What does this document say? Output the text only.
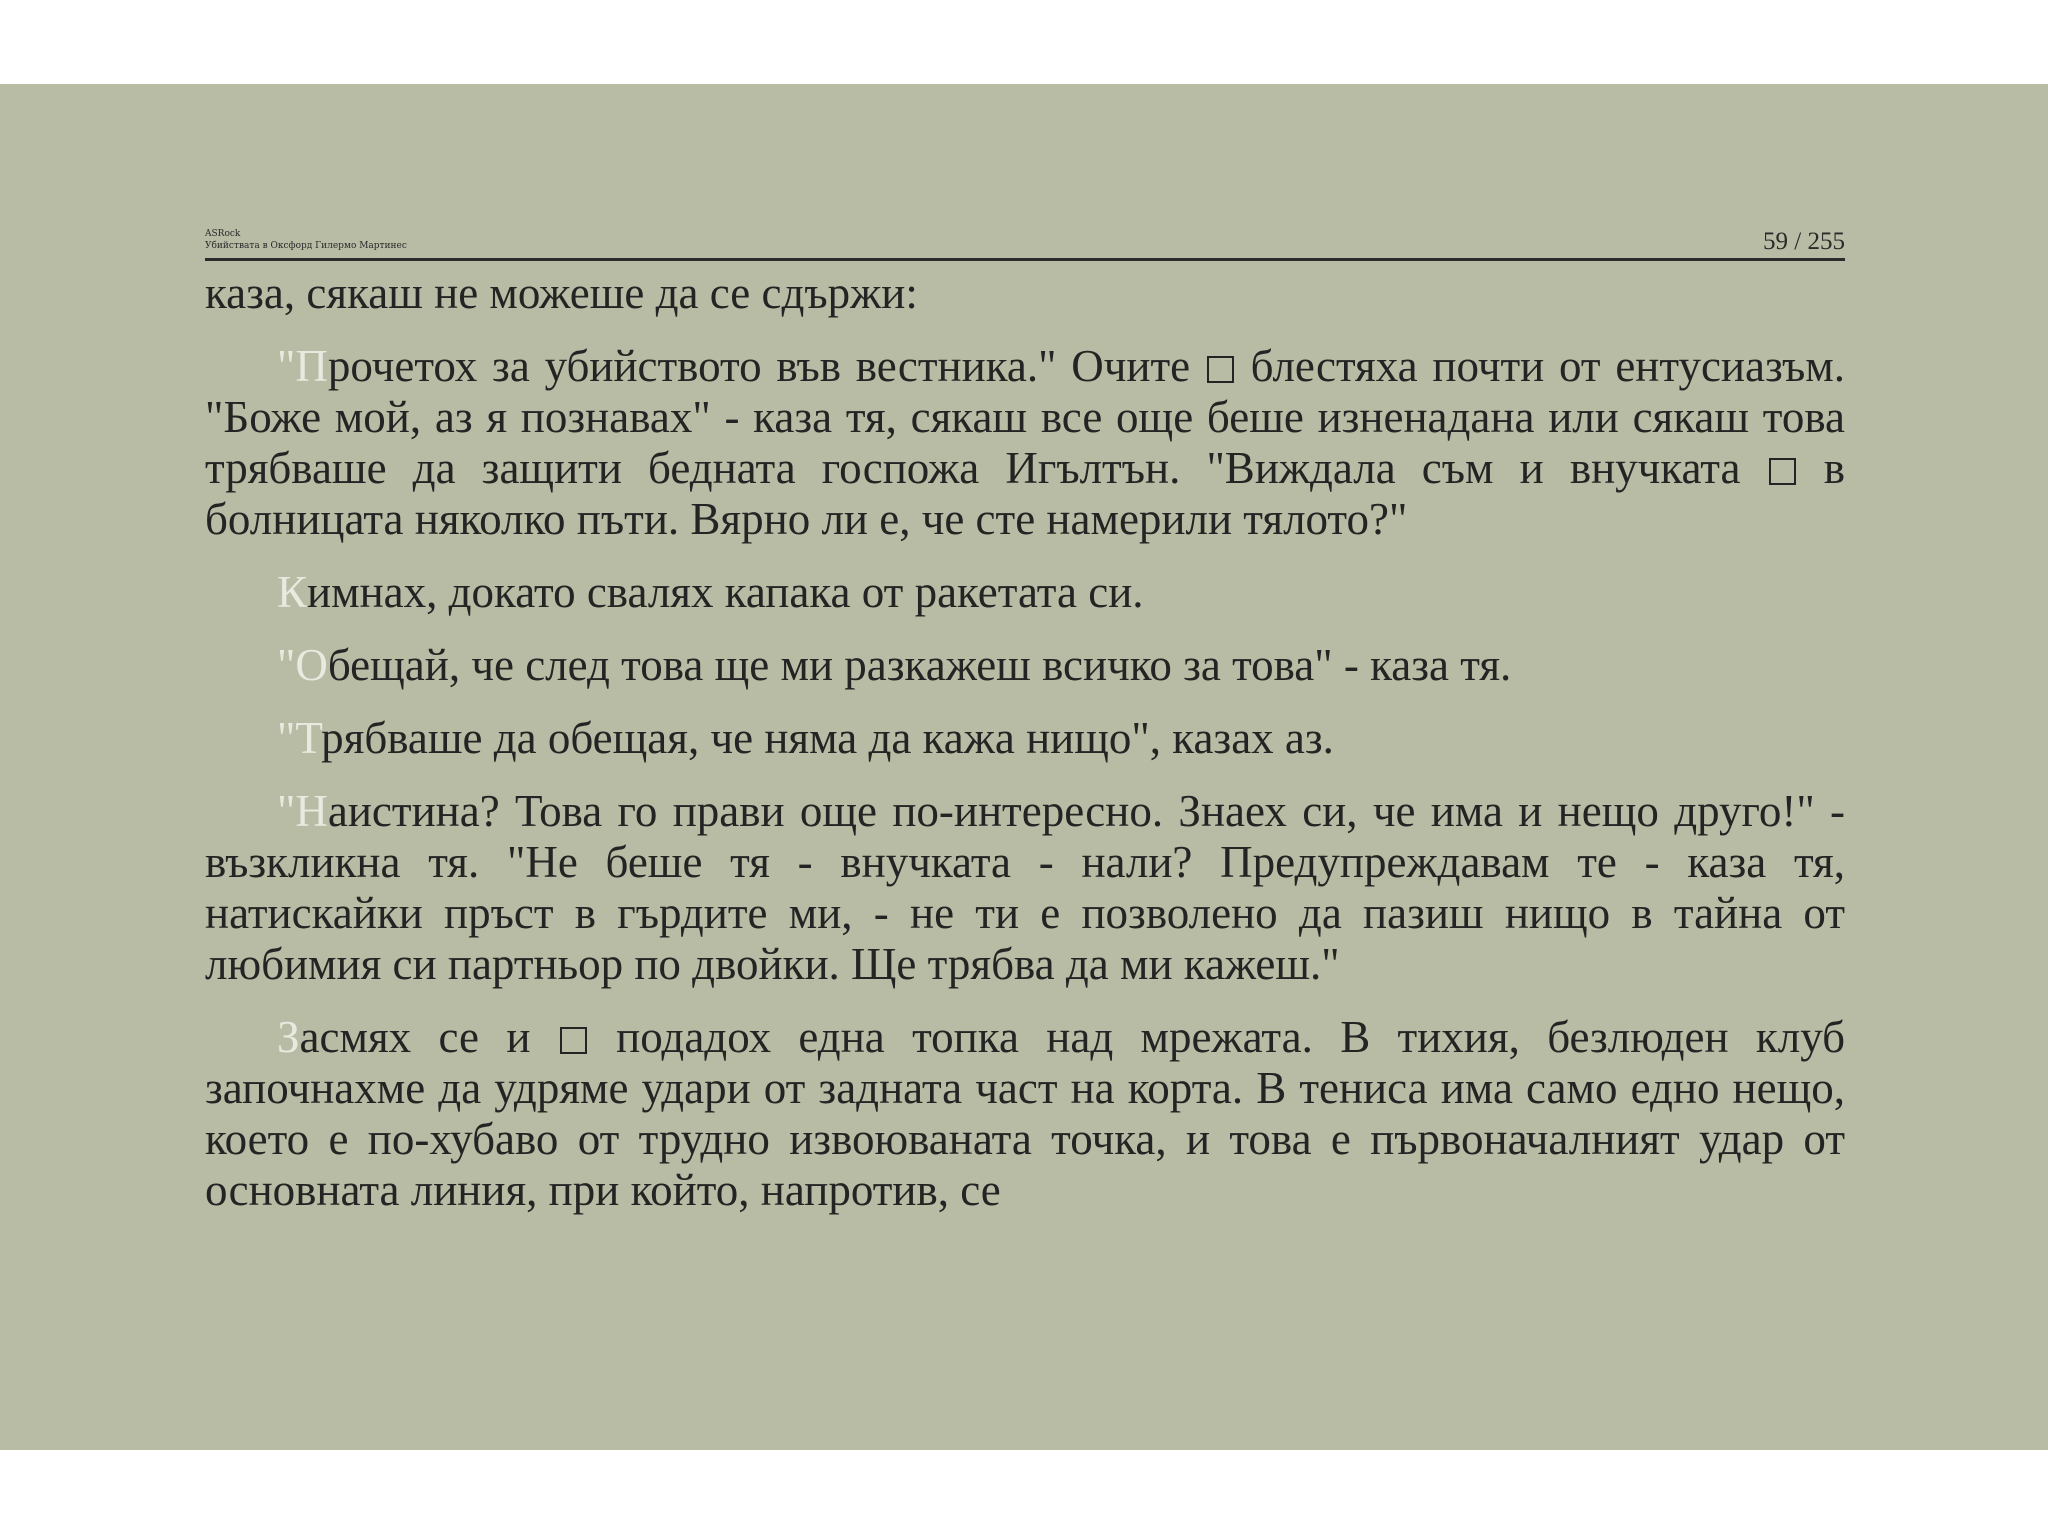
ASRock
Убийствата в Оксфорд Гилермо Мартинес	59 / 255

каза, сякаш не можеше да се сдържи:

"Прочетох за убийството във вестника." Очите  блестяха почти от ентусиазъм. "Боже мой, аз я познавах" - каза тя, сякаш все още беше изненадана или сякаш това трябваше да защити бедната госпожа Игълтън. "Виждала съм и внучката  в болницата няколко пъти. Вярно ли е, че сте намерили тялото?"

Кимнах, докато свалях капака от ракетата си.

"Обещай, че след това ще ми разкажеш всичко за това" - каза тя.

"Трябваше да обещая, че няма да кажа нищо", казах аз.

"Наистина? Това го прави още по-интересно. Знаех си, че има и нещо друго!" - възкликна тя. "Не беше тя - внучката - нали? Предупреждавам те - каза тя, натискайки пръст в гърдите ми, - не ти е позволено да пазиш нищо в тайна от любимия си партньор по двойки. Ще трябва да ми кажеш."

Засмях се и  подадох една топка над мрежата. В тихия, безлюден клуб започнахме да удряме удари от задната част на корта. В тениса има само едно нещо, което е по-хубаво от трудно извоюваната точка, и това е първоначалният удар от основната линия, при който, напротив, се
